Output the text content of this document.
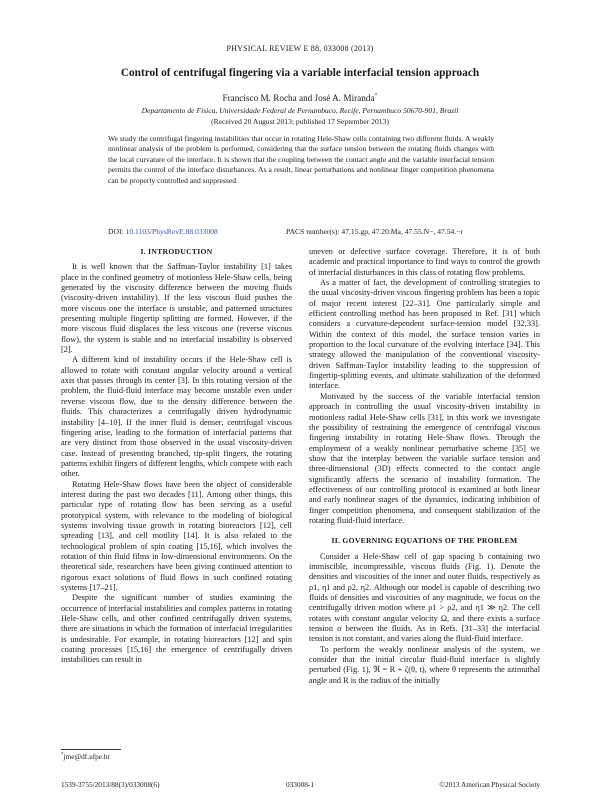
PHYSICAL REVIEW E 88, 033008 (2013)
Control of centrifugal fingering via a variable interfacial tension approach
Francisco M. Rocha and José A. Miranda*
Departamento de Física, Universidade Federal de Pernambuco, Recife, Pernambuco 50670-901, Brazil
(Received 20 August 2013; published 17 September 2013)
We study the centrifugal fingering instabilities that occur in rotating Hele-Shaw cells containing two different fluids. A weakly nonlinear analysis of the problem is performed, considering that the surface tension between the rotating fluids changes with the local curvature of the interface. It is shown that the coupling between the contact angle and the variable interfacial tension permits the control of the interface disturbances. As a result, linear perturbations and nonlinear finger competition phenomena can be properly controlled and suppressed.
DOI: 10.1103/PhysRevE.88.033008	PACS number(s): 47.15.gp, 47.20.Ma, 47.55.N−, 47.54.−r
I. INTRODUCTION

It is well known that the Saffman-Taylor instability [1] takes place in the confined geometry of motionless Hele-Shaw cells, being generated by the viscosity difference between the moving fluids (viscosity-driven instability). If the less viscous fluid pushes the more viscous one the interface is unstable, and patterned structures presenting multiple fingertip splitting are formed. However, if the more viscous fluid displaces the less viscous one (reverse viscous flow), the system is stable and no interfacial instability is observed [2].

A different kind of instability occurs if the Hele-Shaw cell is allowed to rotate with constant angular velocity around a vertical axis that passes through its center [3]. In this rotating version of the problem, the fluid-fluid interface may become unstable even under reverse viscous flow, due to the density difference between the fluids. This characterizes a centrifugally driven hydrodynamic instability [4–10]. If the inner fluid is denser, centrifugal viscous fingering arise, leading to the formation of interfacial patterns that are very distinct from those observed in the usual viscosity-driven case. Instead of presenting branched, tip-split fingers, the rotating patterns exhibit fingers of different lengths, which compete with each other.

Rotating Hele-Shaw flows have been the object of considerable interest during the past two decades [11]. Among other things, this particular type of rotating flow has been serving as a useful prototypical system, with relevance to the modeling of biological systems involving tissue growth in rotating bioreactors [12], cell spreading [13], and cell motility [14]. It is also related to the technological problem of spin coating [15,16], which involves the rotation of thin fluid films in low-dimensional environments. On the theoretical side, researchers have been giving continued attention to rigorous exact solutions of fluid flows in such confined rotating systems [17–21].

Despite the significant number of studies examining the occurrence of interfacial instabilities and complex patterns in rotating Hele-Shaw cells, and other confined centrifugally driven systems, there are situations in which the formation of interfacial irregularities is undesirable. For example, in rotating bioreactors [12] and spin coating processes [15,16] the emergence of centrifugally driven instabilities can result in

uneven or defective surface coverage. Therefore, it is of both academic and practical importance to find ways to control the growth of interfacial disturbances in this class of rotating flow problems.

As a matter of fact, the development of controlling strategies to the usual viscosity-driven viscous fingering problem has been a topic of major recent interest [22–31]. One particularly simple and efficient controlling method has been proposed in Ref. [31] which considers a curvature-dependent surface-tension model [32,33]. Within the context of this model, the surface tension varies in proportion to the local curvature of the evolving interface [34]. This strategy allowed the manipulation of the conventional viscosity-driven Saffman-Taylor instability leading to the suppression of fingertip-splitting events, and ultimate stabilization of the deformed interface.

Motivated by the success of the variable interfacial tension approach in controlling the usual viscosity-driven instability in motionless radial Hele-Shaw cells [31], in this work we investigate the possibility of restraining the emergence of centrifugal viscous fingering instability in rotating Hele-Shaw flows. Through the employment of a weakly nonlinear perturbative scheme [35] we show that the interplay between the variable surface tension and three-dimensional (3D) effects connected to the contact angle significantly affects the scenario of instability formation. The effectiveness of our controlling protocol is examined at both linear and early nonlinear stages of the dynamics, indicating inhibition of finger competition phenomena, and consequent stabilization of the rotating fluid-fluid interface.

II. GOVERNING EQUATIONS OF THE PROBLEM

Consider a Hele-Shaw cell of gap spacing b containing two immiscible, incompressible, viscous fluids (Fig. 1). Denote the densities and viscosities of the inner and outer fluids, respectively as ρ1, η1 and ρ2, η2. Although our model is capable of describing two fluids of densities and viscosities of any magnitude, we focus on the centrifugally driven motion where ρ1 > ρ2, and η1 ≫ η2. The cell rotates with constant angular velocity Ω, and there exists a surface tension σ between the fluids. As in Refs. [31–33] the interfacial tension is not constant, and varies along the fluid-fluid interface.

To perform the weakly nonlinear analysis of the system, we consider that the initial circular fluid-fluid interface is slightly perturbed (Fig. 1), ℜ = R + ζ(θ, t), where θ represents the azimuthal angle and R is the radius of the initially

*jme@df.ufpe.br
1539-3755/2013/88(3)/033008(6)	033008-1	©2013 American Physical Society
